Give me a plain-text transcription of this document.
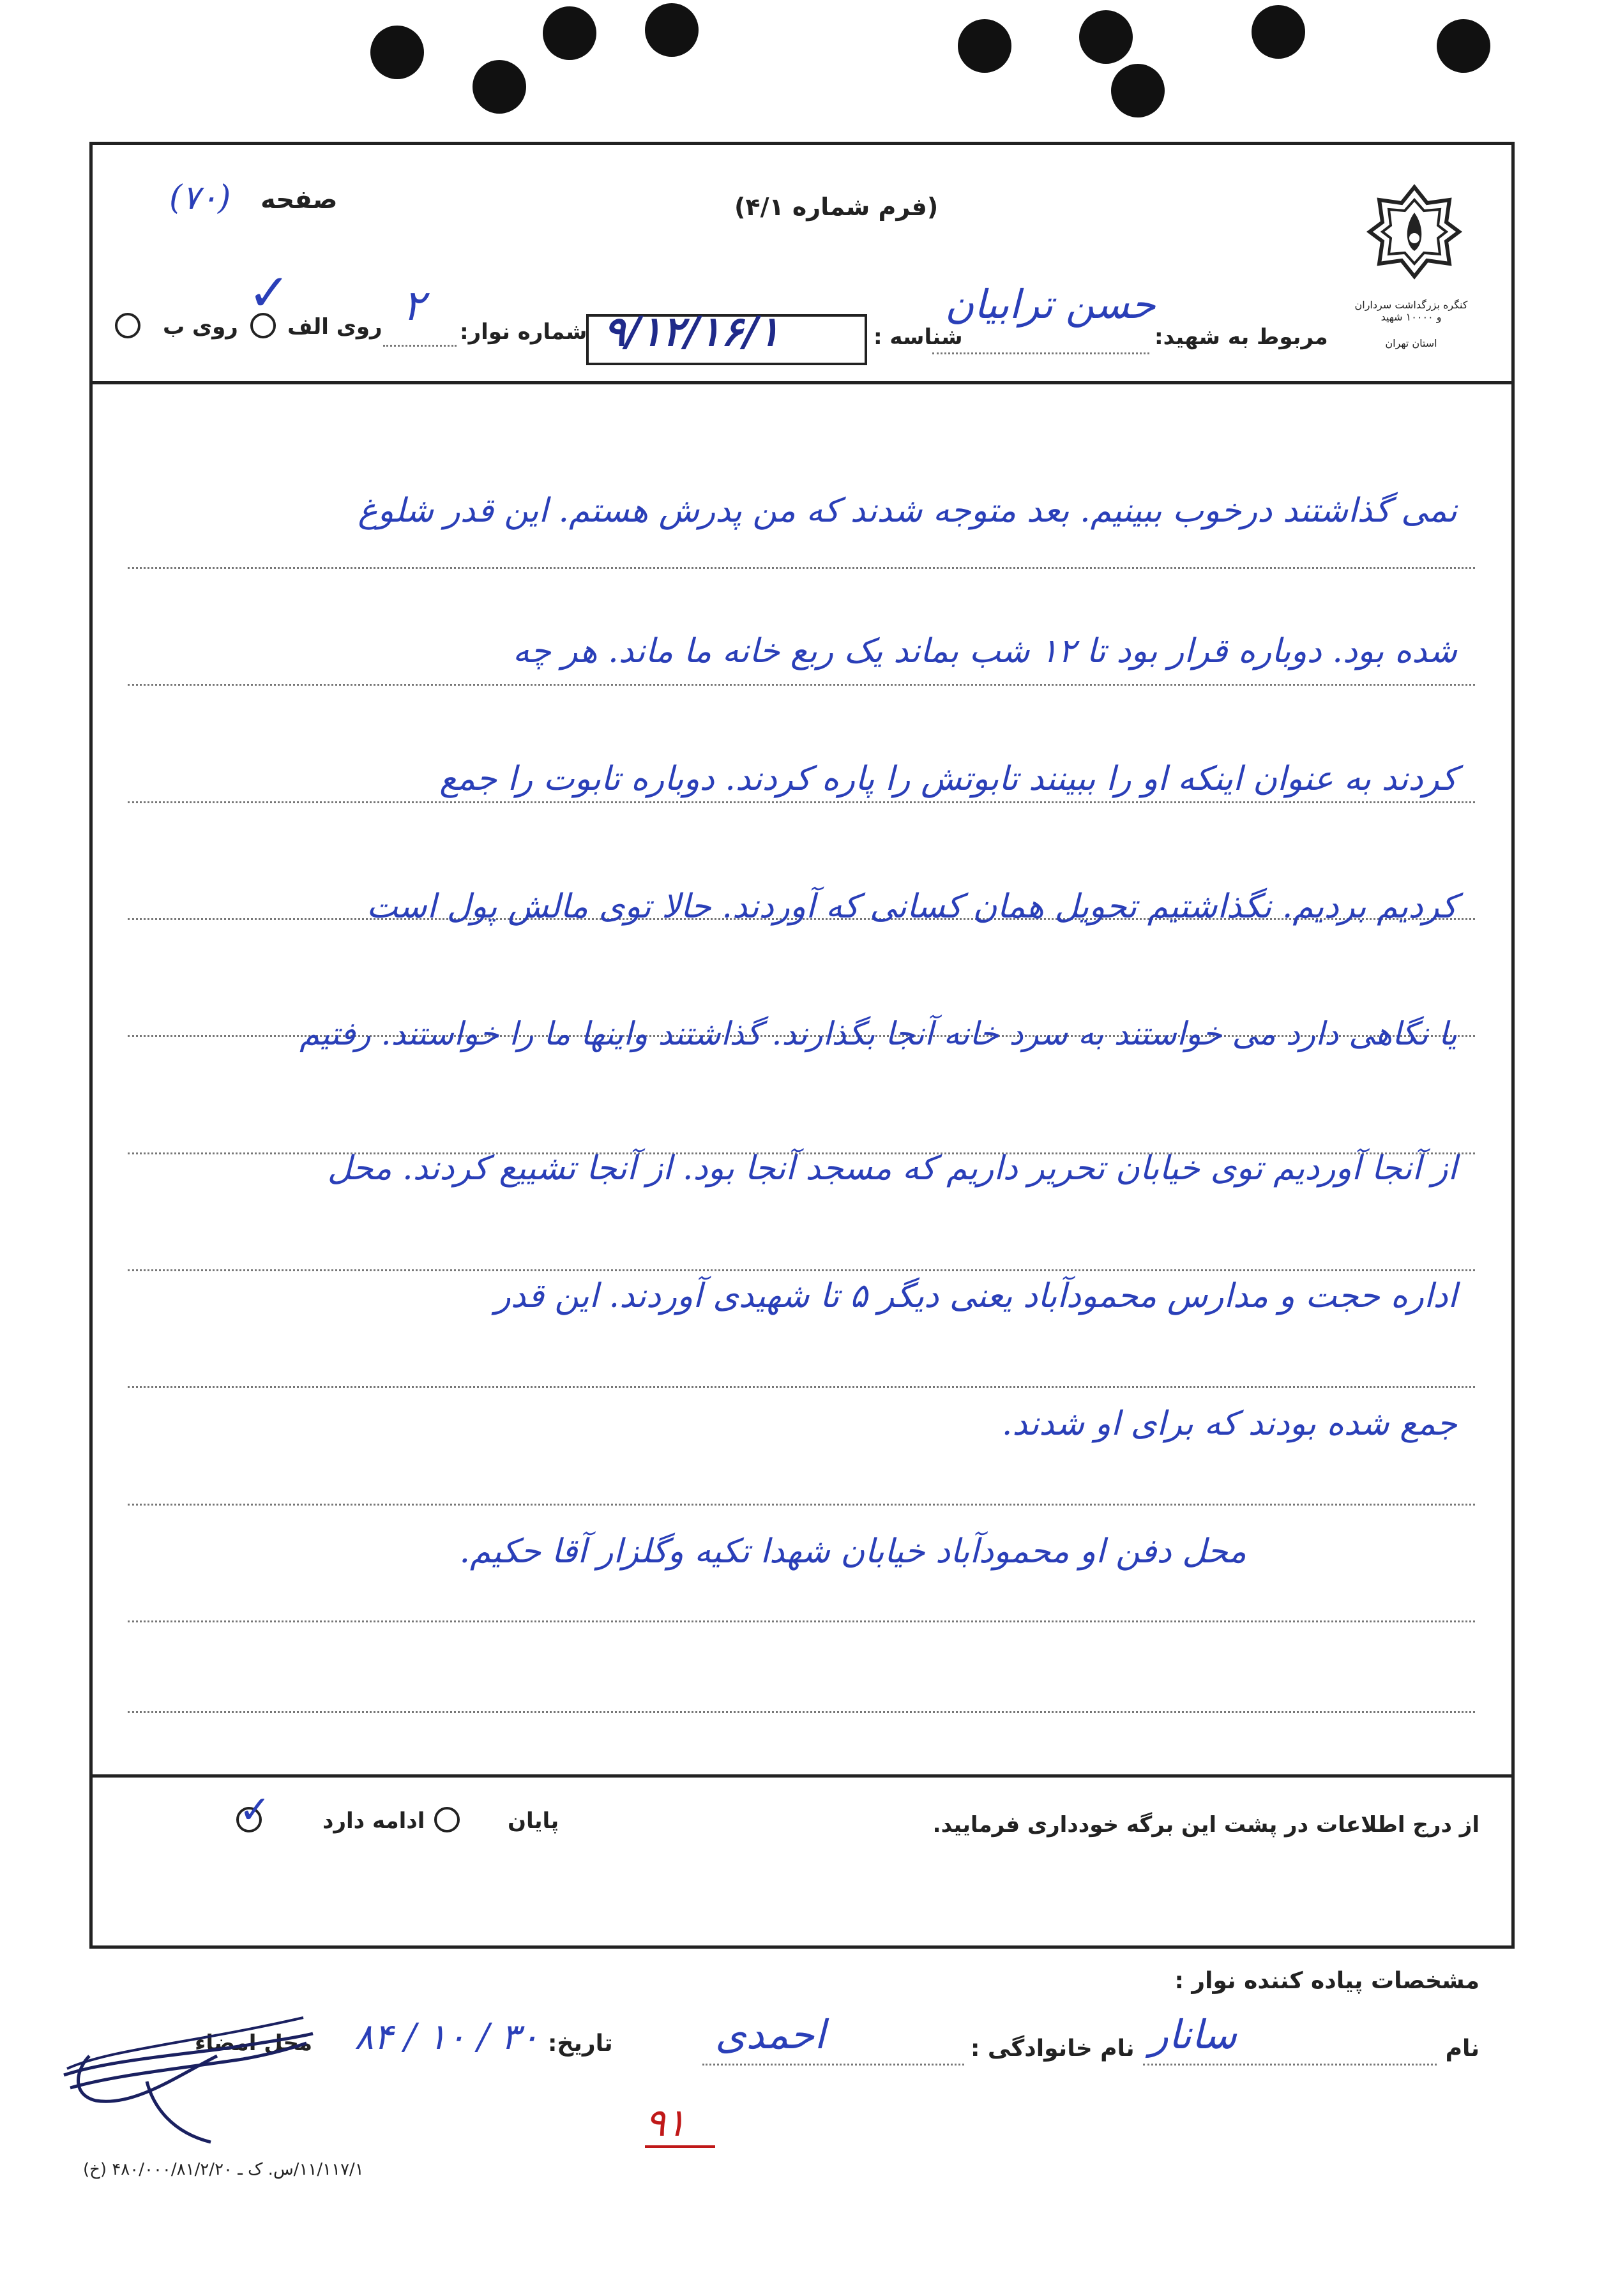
کنگره بزرگداشت سرداران و ۱۰۰۰۰ شهید
استان تهران
(فرم شماره ۴/۱)
صفحه
(۷۰)
مربوط به شهید:
حسن ترابیان
شناسه :
۹/۱۲/۱۶/۱
شماره نوار:
۲
روی الف
✓
روی ب
نمی گذاشتند درخوب ببینیم. بعد متوجه شدند که من پدرش هستم. این قدر شلوغ
شده بود. دوباره قرار بود تا ۱۲ شب بماند یک ربع خانه ما ماند. هر چه
کردند به عنوان اینکه او را ببینند تابوتش را پاره کردند. دوباره تابوت را جمع
کردیم بردیم. نگذاشتیم تحویل همان کسانی که آوردند. حالا توی مالش پول است
یا نگاهی دارد می خواستند به سرد خانه آنجا بگذارند. گذاشتند واینها ما را خواستند. رفتیم
از آنجا آوردیم توی خیابان تحریر داریم که مسجد آنجا بود. از آنجا تشییع کردند. محل
اداره حجت و مدارس محمودآباد یعنی دیگر ۵ تا شهیدی آوردند. این قدر
جمع شده بودند که برای او شدند.
محل دفن او محمودآباد خیابان شهدا تکیه وگلزار آقا حکیم.
از درج اطلاعات در پشت این برگه خودداری فرمایید.
پایان
ادامه دارد
✓
مشخصات پیاده کننده نوار :
نام
سانار
نام خانوادگی :
احمدی
تاریخ:
۸۴ / ۱۰ / ۳۰
محل امضاء
۹۱
۱۱/۱۱۷/۱/س. ک ـ ۴۸۰/۰۰۰/۸۱/۲/۲۰ (خ)
